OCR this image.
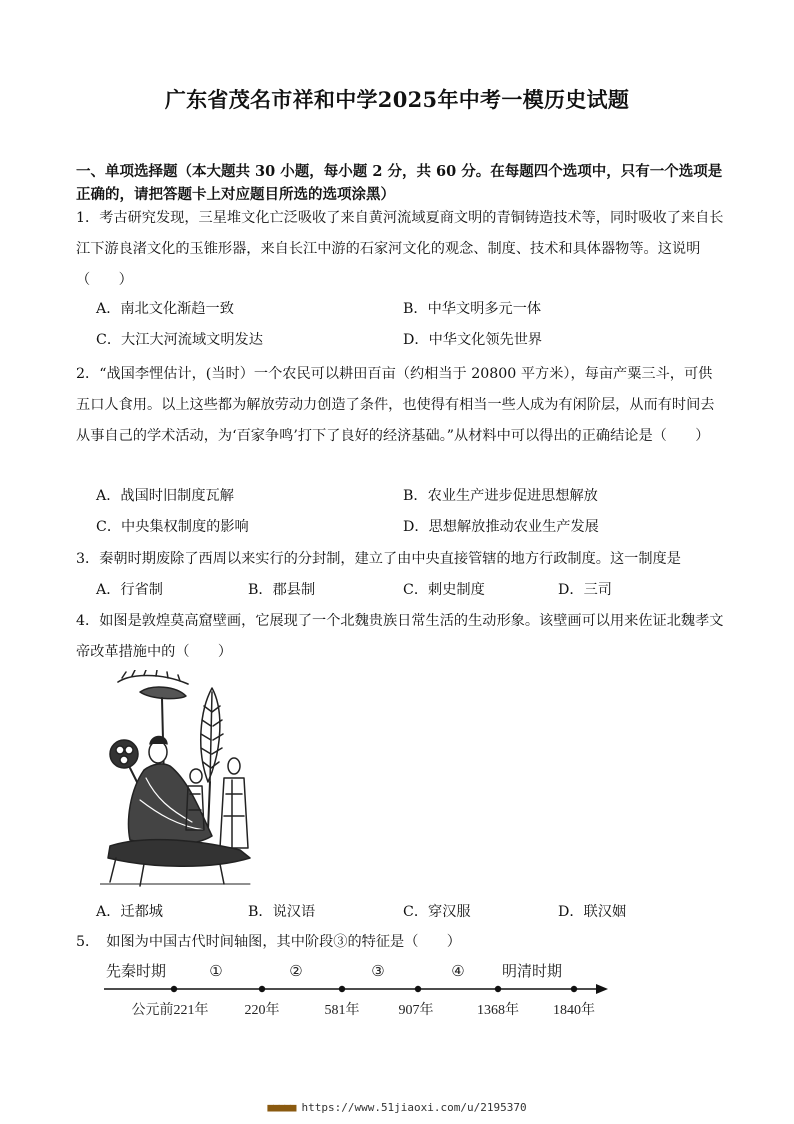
广东省茂名市祥和中学2025年中考一模历史试题
一、单项选择题（本大题共 30 小题，每小题 2 分，共 60 分。在每题四个选项中，只有一个选项是正确的，请把答题卡上对应题目所选的选项涂黑）
1．考古研究发现，三星堆文化亡泛吸收了来自黄河流域夏商文明的青铜铸造技术等，同时吸收了来自长江下游良渚文化的玉锥形器，来自长江中游的石家河文化的观念、制度、技术和具体器物等。这说明（　　）
A．南北文化渐趋一致	B．中华文明多元一体
C．大江大河流域文明发达	D．中华文化领先世界
2．“战国李悝估计，(当时）一个农民可以耕田百亩（约相当于 20800 平方米），每亩产粟三斗，可供五口人食用。以上这些都为解放劳动力创造了条件，也使得有相当一些人成为有闲阶层，从而有时间去从事自己的学术活动，为‘百家争鸣’打下了良好的经济基础。”从材料中可以得出的正确结论是（　　）
A．战国时旧制度瓦解	B．农业生产进步促进思想解放
C．中央集权制度的影响	D．思想解放推动农业生产发展
3．秦朝时期废除了西周以来实行的分封制，建立了由中央直接管辖的地方行政制度。这一制度是
A．行省制	B．郡县制	C．刺史制度	D．三司
4．如图是敦煌莫高窟壁画，它展现了一个北魏贵族日常生活的生动形象。该壁画可以用来佐证北魏孝文帝改革措施中的（　　）
A．迁都城	B．说汉语	C．穿汉服	D．联汉姻
5．　如图为中国古代时间轴图，其中阶段③的特征是（　　）
先秦时期	①	②	③	④ 明清时期
公元前221年	220年	581年	907年	1368年 1840年
■■■■■ https://www.51jiaoxi.com/u/2195370
